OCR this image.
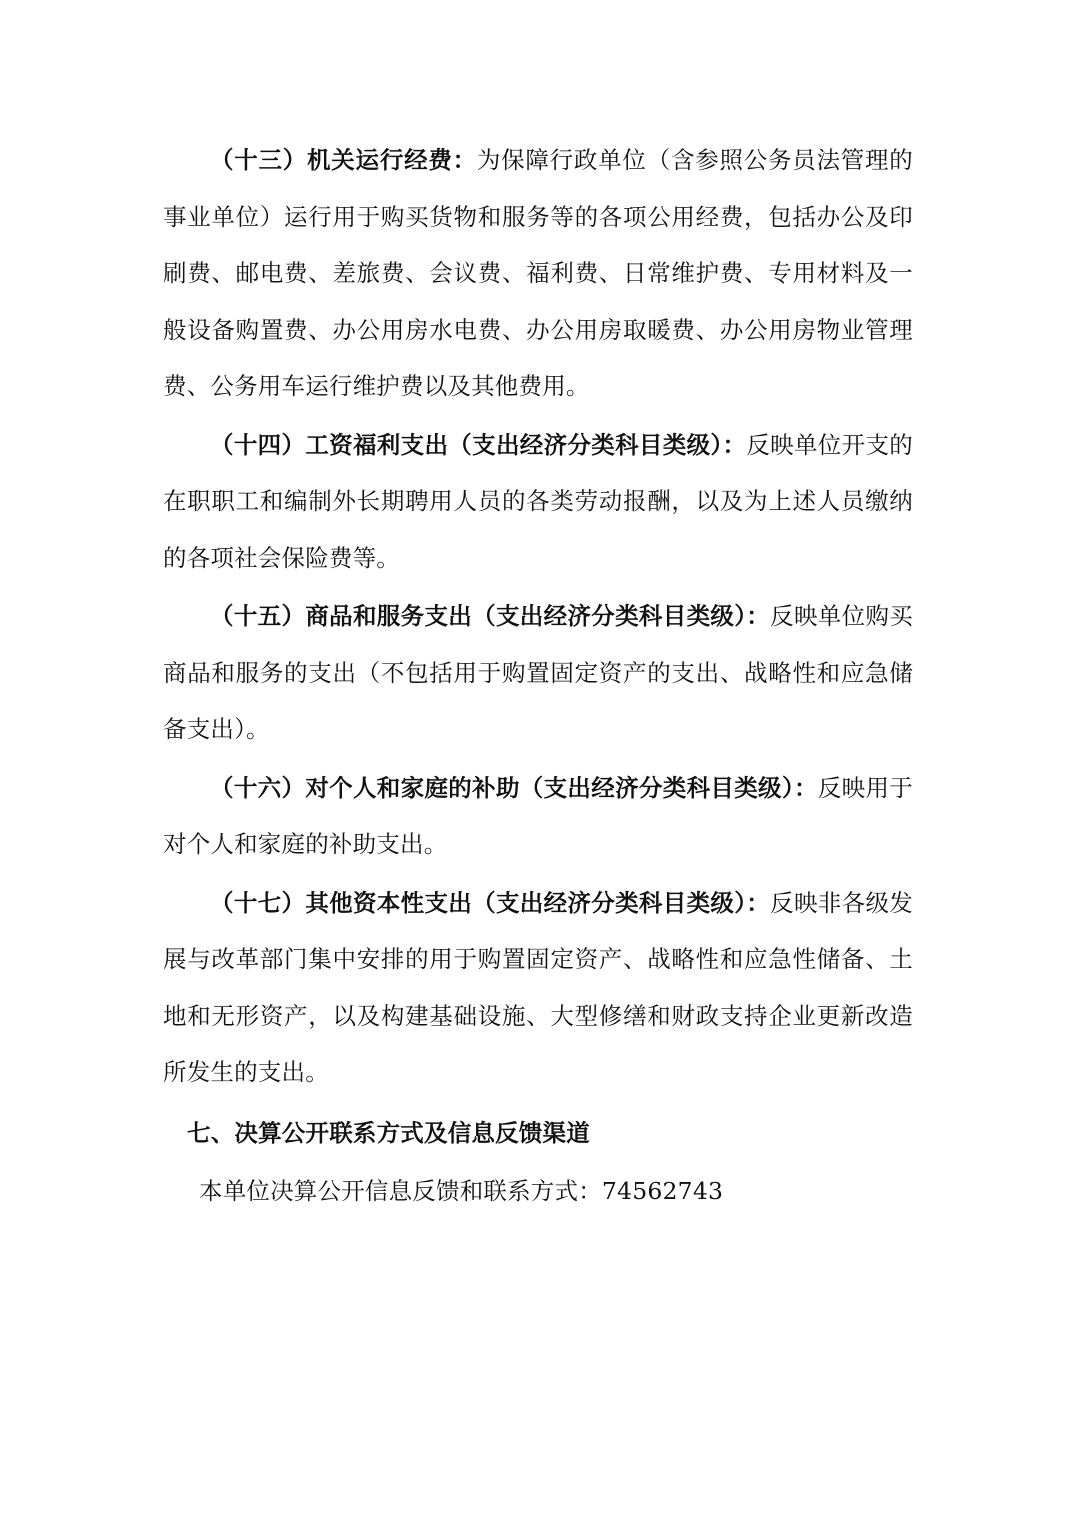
（十三）机关运行经费：为保障行政单位（含参照公务员法管理的事业单位）运行用于购买货物和服务等的各项公用经费，包括办公及印刷费、邮电费、差旅费、会议费、福利费、日常维护费、专用材料及一般设备购置费、办公用房水电费、办公用房取暖费、办公用房物业管理费、公务用车运行维护费以及其他费用。

（十四）工资福利支出（支出经济分类科目类级）：反映单位开支的在职职工和编制外长期聘用人员的各类劳动报酬，以及为上述人员缴纳的各项社会保险费等。

（十五）商品和服务支出（支出经济分类科目类级）：反映单位购买商品和服务的支出（不包括用于购置固定资产的支出、战略性和应急储备支出）。

（十六）对个人和家庭的补助（支出经济分类科目类级）：反映用于对个人和家庭的补助支出。

（十七）其他资本性支出（支出经济分类科目类级）：反映非各级发展与改革部门集中安排的用于购置固定资产、战略性和应急性储备、土地和无形资产，以及构建基础设施、大型修缮和财政支持企业更新改造所发生的支出。

七、决算公开联系方式及信息反馈渠道

本单位决算公开信息反馈和联系方式：74562743
